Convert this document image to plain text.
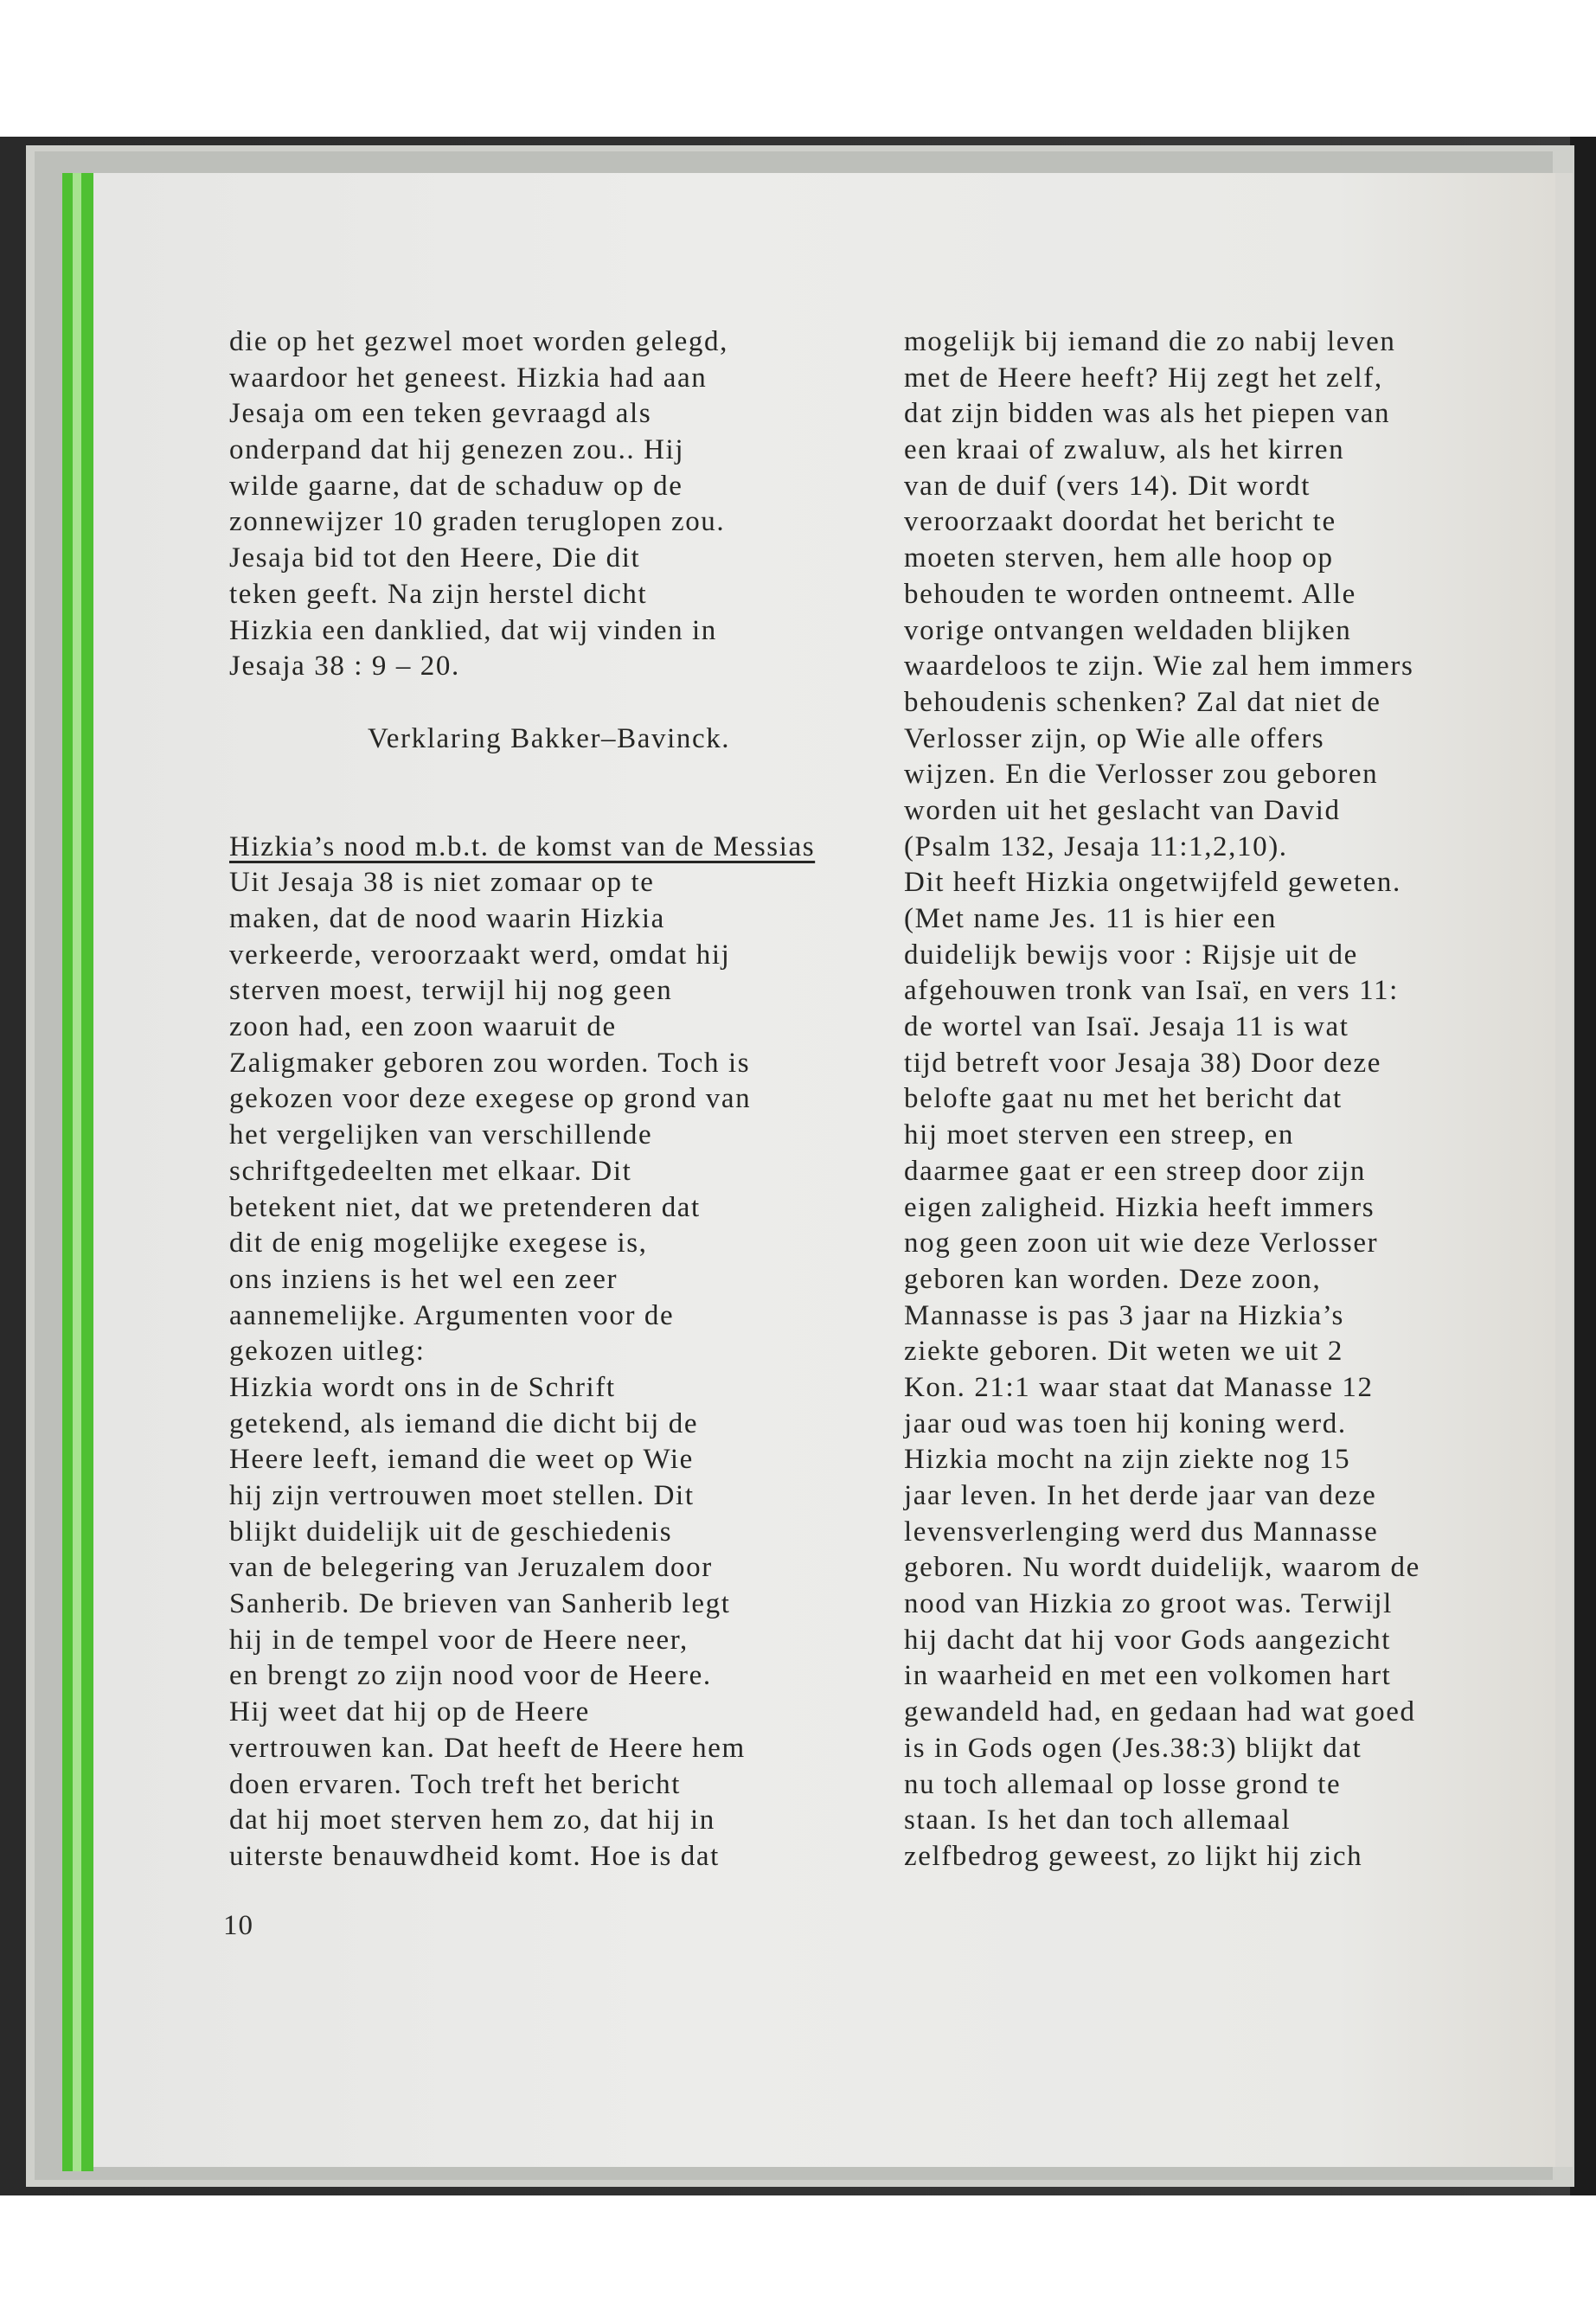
die op het gezwel moet worden gelegd,
waardoor het geneest. Hizkia had aan
Jesaja om een teken gevraagd als
onderpand dat hij genezen zou.. Hij
wilde gaarne, dat de schaduw op de
zonnewijzer 10 graden teruglopen zou.
Jesaja bid tot den Heere, Die dit
teken geeft. Na zijn herstel dicht
Hizkia een danklied, dat wij vinden in
Jesaja 38 : 9 – 20.
Verklaring Bakker–Bavinck.
Hizkia’s nood m.b.t. de komst van de Messias
Uit Jesaja 38 is niet zomaar op te
maken, dat de nood waarin Hizkia
verkeerde, veroorzaakt werd, omdat hij
sterven moest, terwijl hij nog geen
zoon had, een zoon waaruit de
Zaligmaker geboren zou worden. Toch is
gekozen voor deze exegese op grond van
het vergelijken van verschillende
schriftgedeelten met elkaar. Dit
betekent niet, dat we pretenderen dat
dit de enig mogelijke exegese is,
ons inziens is het wel een zeer
aannemelijke. Argumenten voor de
gekozen uitleg:
Hizkia wordt ons in de Schrift
getekend, als iemand die dicht bij de
Heere leeft, iemand die weet op Wie
hij zijn vertrouwen moet stellen. Dit
blijkt duidelijk uit de geschiedenis
van de belegering van Jeruzalem door
Sanherib. De brieven van Sanherib legt
hij in de tempel voor de Heere neer,
en brengt zo zijn nood voor de Heere.
Hij weet dat hij op de Heere
vertrouwen kan. Dat heeft de Heere hem
doen ervaren. Toch treft het bericht
dat hij moet sterven hem zo, dat hij in
uiterste benauwdheid komt. Hoe is dat
mogelijk bij iemand die zo nabij leven
met de Heere heeft? Hij zegt het zelf,
dat zijn bidden was als het piepen van
een kraai of zwaluw, als het kirren
van de duif (vers 14). Dit wordt
veroorzaakt doordat het bericht te
moeten sterven, hem alle hoop op
behouden te worden ontneemt. Alle
vorige ontvangen weldaden blijken
waardeloos te zijn. Wie zal hem immers
behoudenis schenken? Zal dat niet de
Verlosser zijn, op Wie alle offers
wijzen. En die Verlosser zou geboren
worden uit het geslacht van David
(Psalm 132, Jesaja 11:1,2,10).
Dit heeft Hizkia ongetwijfeld geweten.
(Met name Jes. 11 is hier een
duidelijk bewijs voor : Rijsje uit de
afgehouwen tronk van Isaï, en vers 11:
de wortel van Isaï. Jesaja 11 is wat
tijd betreft voor Jesaja 38) Door deze
belofte gaat nu met het bericht dat
hij moet sterven een streep, en
daarmee gaat er een streep door zijn
eigen zaligheid. Hizkia heeft immers
nog geen zoon uit wie deze Verlosser
geboren kan worden. Deze zoon,
Mannasse is pas 3 jaar na Hizkia’s
ziekte geboren. Dit weten we uit 2
Kon. 21:1 waar staat dat Manasse 12
jaar oud was toen hij koning werd.
Hizkia mocht na zijn ziekte nog 15
jaar leven. In het derde jaar van deze
levensverlenging werd dus Mannasse
geboren. Nu wordt duidelijk, waarom de
nood van Hizkia zo groot was. Terwijl
hij dacht dat hij voor Gods aangezicht
in waarheid en met een volkomen hart
gewandeld had, en gedaan had wat goed
is in Gods ogen (Jes.38:3) blijkt dat
nu toch allemaal op losse grond te
staan. Is het dan toch allemaal
zelfbedrog geweest, zo lijkt hij zich
10
